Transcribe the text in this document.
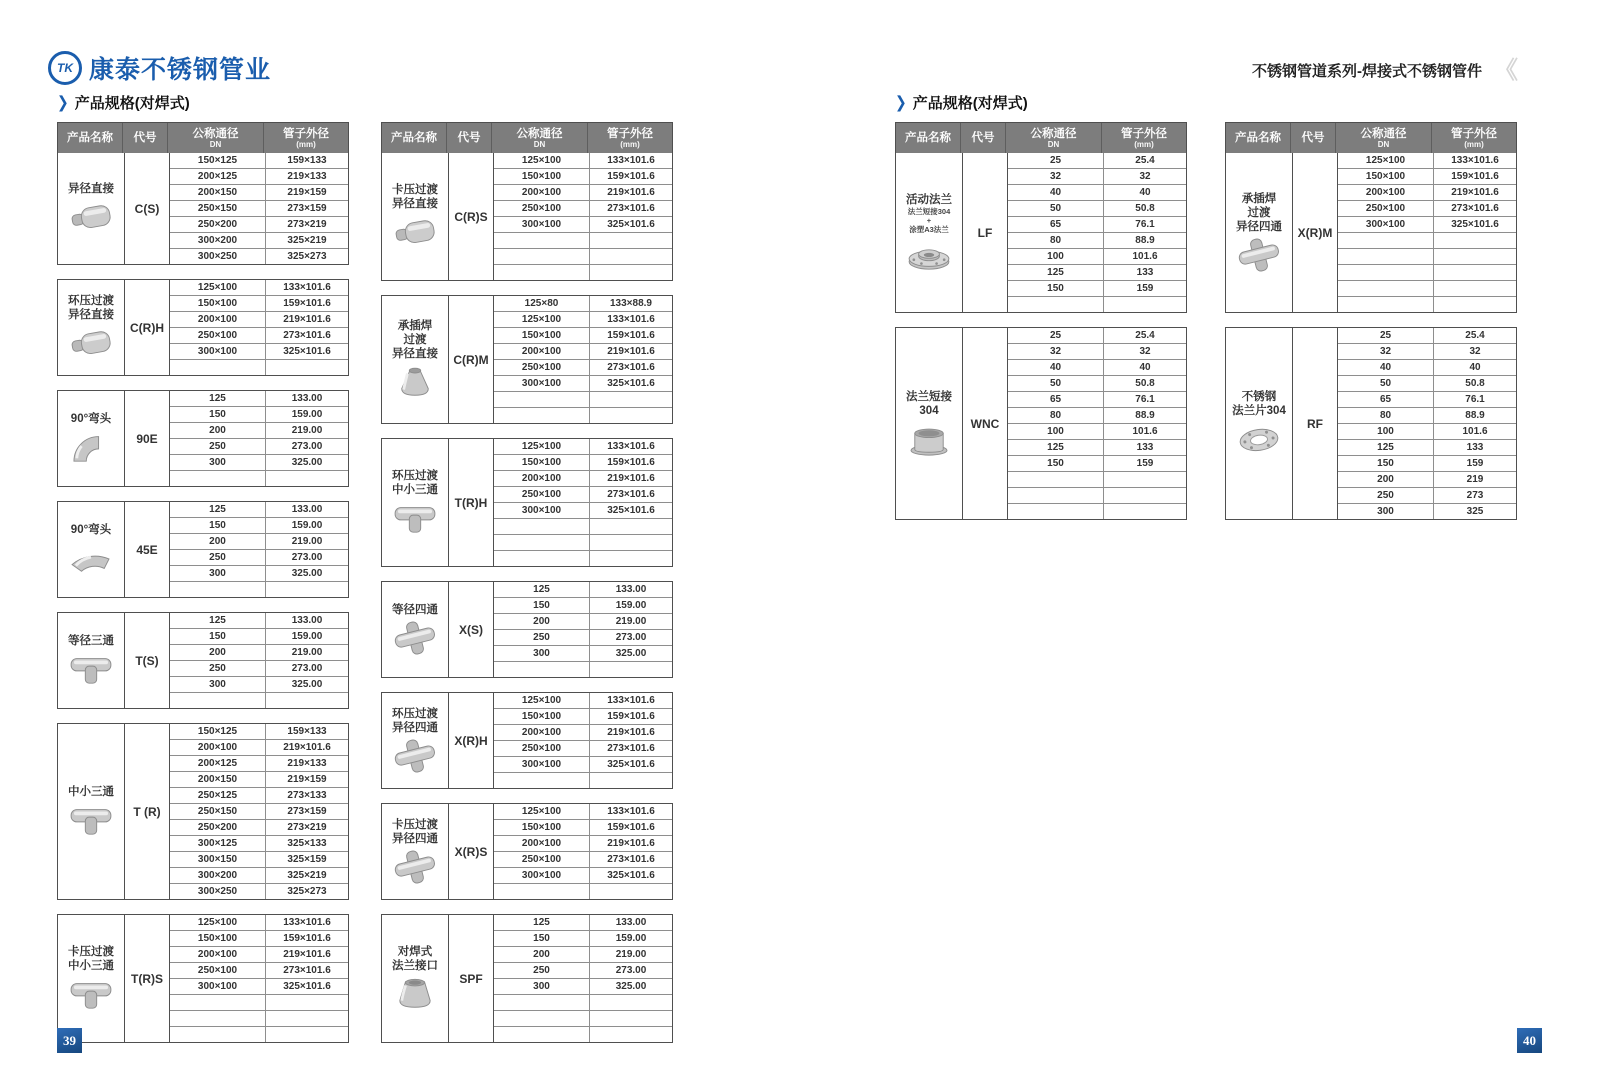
TK 康泰不锈钢管业	不锈钢管道系列-焊接式不锈钢管件 《
❯ 产品规格(对焊式)	❯ 产品规格(对焊式)
产品名称 代号	公称通径
DN
管子外径
(mm)
异径直接
C(S)
150×125	159×133
200×125	219×133
200×150	219×159
250×150	273×159
250×200	273×219
300×200	325×219
300×250	325×273
环压过渡
异径直接
C(R)H
125×100	133×101.6
150×100	159×101.6
200×100	219×101.6
250×100	273×101.6
300×100	325×101.6
90°弯头
90E
125	133.00
150	159.00
200	219.00
250	273.00
300	325.00
90°弯头
45E
125	133.00
150	159.00
200	219.00
250	273.00
300	325.00
等径三通
T(S)
125	133.00
150	159.00
200	219.00
250	273.00
300	325.00
中小三通
T (R)
150×125	159×133
200×100	219×101.6
200×125	219×133
200×150	219×159
250×125	273×133
250×150	273×159
250×200	273×219
300×125	325×133
300×150	325×159
300×200	325×219
300×250	325×273
卡压过渡
中小三通
T(R)S
125×100	133×101.6
150×100	159×101.6
200×100	219×101.6
250×100	273×101.6
300×100	325×101.6
产品名称 代号	公称通径
DN
管子外径
(mm)
卡压过渡
异径直接
C(R)S
125×100	133×101.6
150×100	159×101.6
200×100	219×101.6
250×100	273×101.6
300×100	325×101.6
承插焊
过渡
异径直接	C(R)M
125×80	133×88.9
125×100	133×101.6
150×100	159×101.6
200×100	219×101.6
250×100	273×101.6
300×100	325×101.6
环压过渡
中小三通
T(R)H
125×100	133×101.6
150×100	159×101.6
200×100	219×101.6
250×100	273×101.6
300×100	325×101.6
等径四通
X(S)
125	133.00
150	159.00
200	219.00
250	273.00
300	325.00
环压过渡
异径四通
X(R)H
125×100	133×101.6
150×100	159×101.6
200×100	219×101.6
250×100	273×101.6
300×100	325×101.6
卡压过渡
异径四通
X(R)S
125×100	133×101.6
150×100	159×101.6
200×100	219×101.6
250×100	273×101.6
300×100	325×101.6
对焊式
法兰接口
SPF
125	133.00
150	159.00
200	219.00
250	273.00
300	325.00
产品名称 代号	公称通径
DN
管子外径
(mm)
活动法兰
法兰短接304
+
涂塑A3法兰	LF
25	25.4
32	32
40	40
50	50.8
65	76.1
80	88.9
100	101.6
125	133
150	159
法兰短接
304
WNC
25	25.4
32	32
40	40
50	50.8
65	76.1
80	88.9
100	101.6
125	133
150	159
产品名称 代号	公称通径
DN
管子外径
(mm)
承插焊
过渡
异径四通	X(R)M
125×100	133×101.6
150×100	159×101.6
200×100	219×101.6
250×100	273×101.6
300×100	325×101.6
不锈钢
法兰片304
RF
25	25.4
32	32
40	40
50	50.8
65	76.1
80	88.9
100	101.6
125	133
150	159
200	219
250	273
300	325
39	40
